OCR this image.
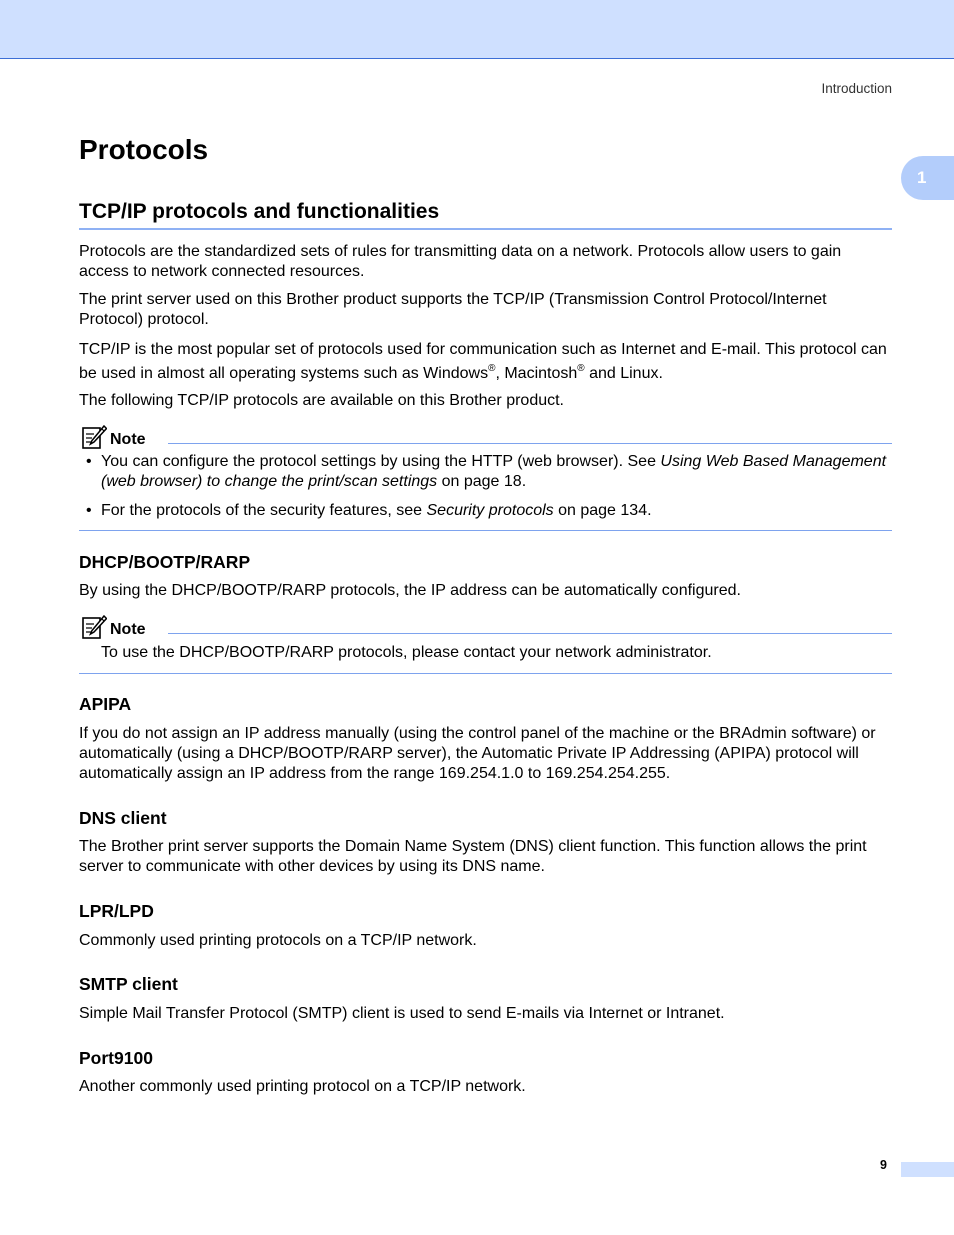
Introduction
1
Protocols
TCP/IP protocols and functionalities

Protocols are the standardized sets of rules for transmitting data on a network. Protocols allow users to gain access to network connected resources.

The print server used on this Brother product supports the TCP/IP (Transmission Control Protocol/Internet Protocol) protocol.

TCP/IP is the most popular set of protocols used for communication such as Internet and E-mail. This protocol can be used in almost all operating systems such as Windows®, Macintosh® and Linux.

The following TCP/IP protocols are available on this Brother product.

Note
• You can configure the protocol settings by using the HTTP (web browser). See Using Web Based Management (web browser) to change the print/scan settings on page 18.
• For the protocols of the security features, see Security protocols on page 134.
DHCP/BOOTP/RARP

By using the DHCP/BOOTP/RARP protocols, the IP address can be automatically configured.

Note

To use the DHCP/BOOTP/RARP protocols, please contact your network administrator.

APIPA

If you do not assign an IP address manually (using the control panel of the machine or the BRAdmin software) or automatically (using a DHCP/BOOTP/RARP server), the Automatic Private IP Addressing (APIPA) protocol will automatically assign an IP address from the range 169.254.1.0 to 169.254.254.255.

DNS client

The Brother print server supports the Domain Name System (DNS) client function. This function allows the print server to communicate with other devices by using its DNS name.

LPR/LPD

Commonly used printing protocols on a TCP/IP network.

SMTP client

Simple Mail Transfer Protocol (SMTP) client is used to send E-mails via Internet or Intranet.

Port9100

Another commonly used printing protocol on a TCP/IP network.

9
